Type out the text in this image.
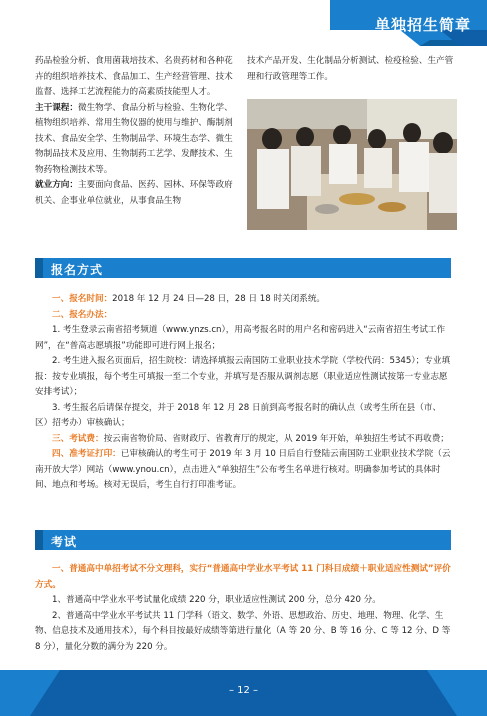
单独招生简章

药品检验分析、食用菌栽培技术、名贵药材和各种花卉的组织培养技术、食品加工、生产经营管理、技术监督、选择工艺流程能力的高素质技能型人才。

主干课程：微生物学、食品分析与检验、生物化学、植物组织培养、常用生物仪器的使用与维护、酶制剂技术、食品安全学、生物制品学、环境生态学、微生物制品技术及应用、生物制药工艺学、发酵技术、生物药物检测技术等。

就业方向：主要面向食品、医药、园林、环保等政府机关、企事业单位就业，从事食品生物

技术产品开发、生化制品分析测试、检疫检验、生产管理和行政管理等工作。

报名方式

一、报名时间：2018 年 12 月 24 日—28 日，28 日 18 时关闭系统。

二、报名办法：

1. 考生登录云南省招考频道（www.ynzs.cn），用高考报名时的用户名和密码进入“云南省招生考试工作网”，在“普高志愿填报”功能即可进行网上报名；

2. 考生进入报名页面后，招生院校：请选择填报云南国防工业职业技术学院（学校代码：5345）；专业填报：按专业填报，每个考生可填报一至二个专业，并填写是否服从调剂志愿（职业适应性测试按第一专业志愿安排考试）；

3. 考生报名后请保存提交，并于 2018 年 12 月 28 日前到高考报名时的确认点（或考生所在县（市、区）招考办）审核确认；

三、考试费：按云南省物价局、省财政厅、省教育厅的规定，从 2019 年开始，单独招生考试不再收费；

四、准考证打印：已审核确认的考生可于 2019 年 3 月 10 日后自行登陆云南国防工业职业技术学院（云南开放大学）网站（www.ynou.cn），点击进入“单独招生”公布考生名单进行核对。明确参加考试的具体时间、地点和考场。核对无误后，考生自行打印准考证。

考试

一、普通高中单招考试不分文理科，实行“普通高中学业水平考试 11 门科目成绩＋职业适应性测试”评价方式。

1、普通高中学业水平考试量化成绩 220 分，职业适应性测试 200 分，总分 420 分。

2、普通高中学业水平考试共 11 门学科（语文、数学、外语、思想政治、历史、地理、物理、化学、生物、信息技术及通用技术），每个科目按最好成绩等第进行量化（A 等 20 分、B 等 16 分、C 等 12 分、D 等 8 分），量化分数的满分为 220 分。

– 12 –
